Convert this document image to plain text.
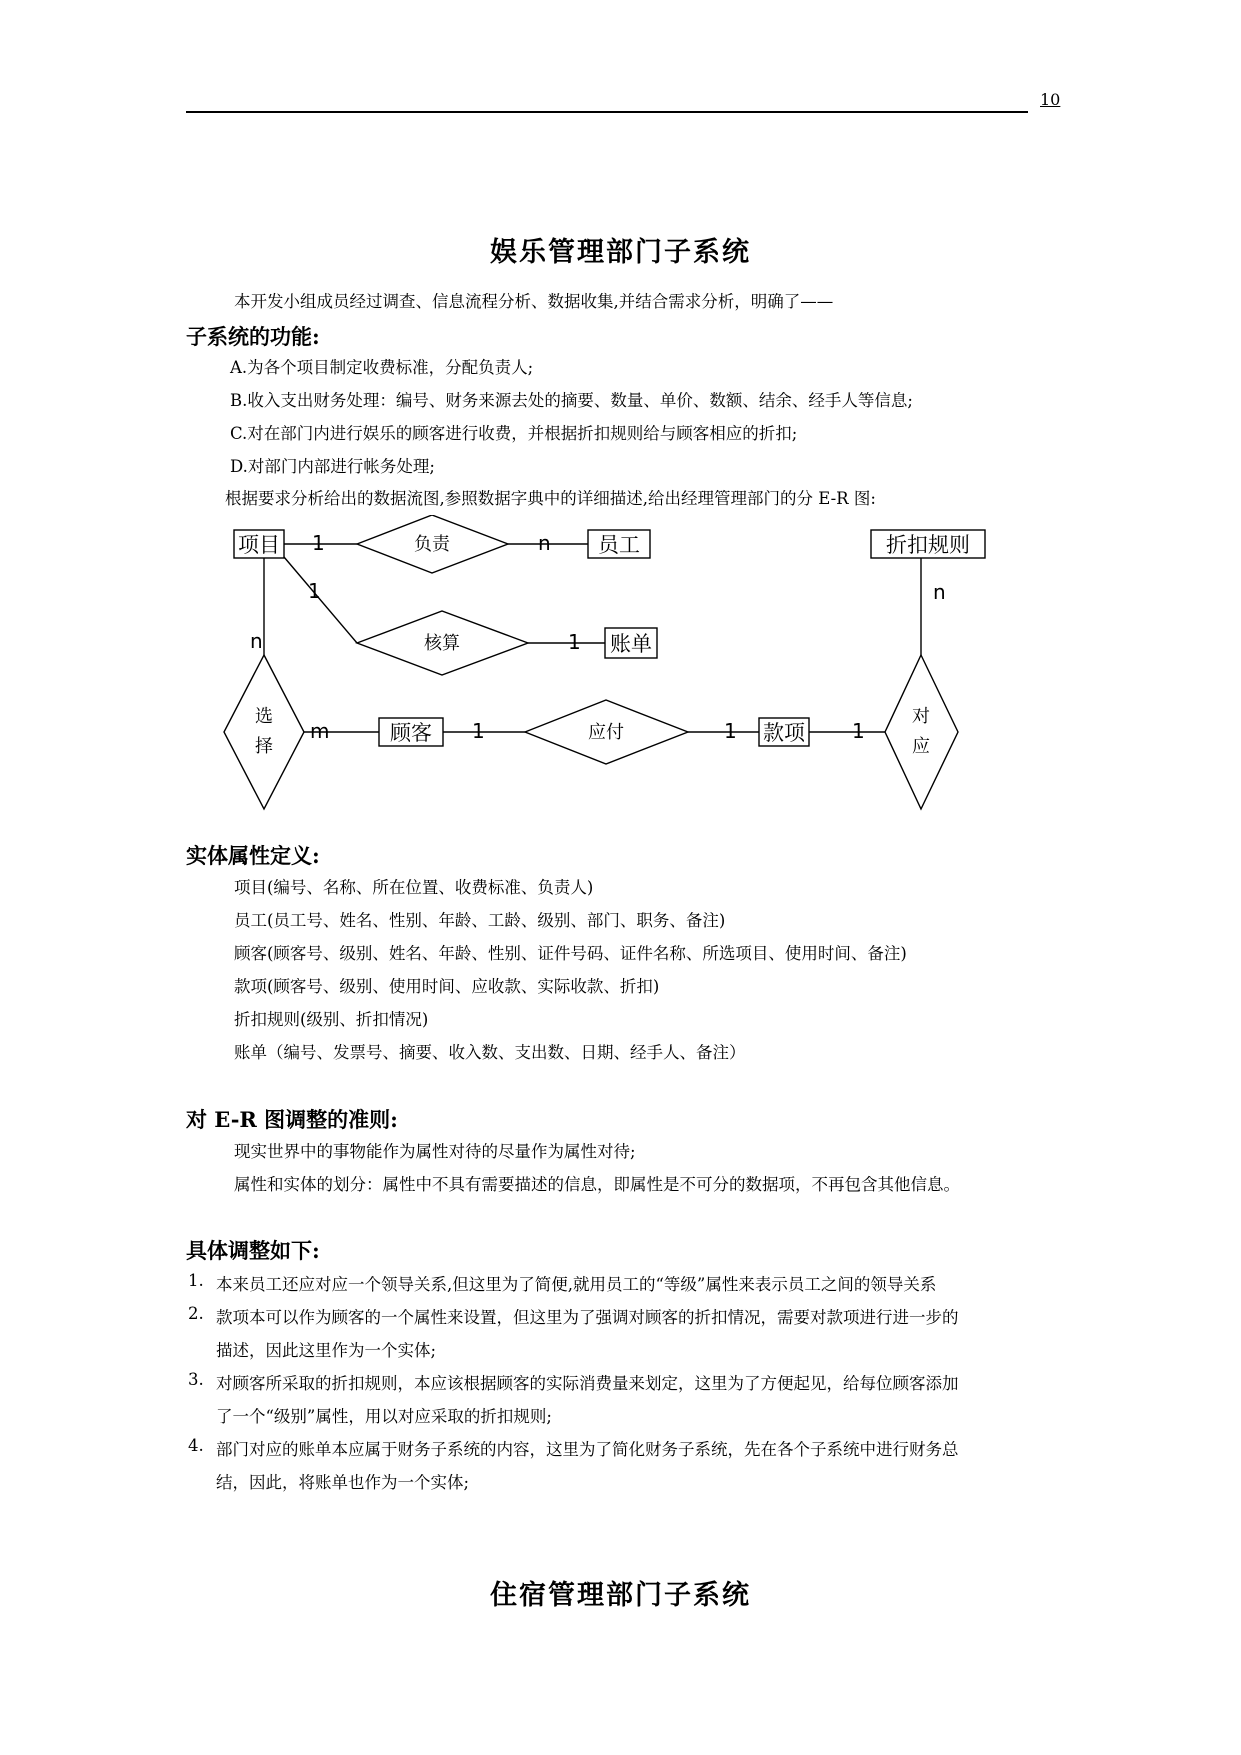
10
娱乐管理部门子系统
本开发小组成员经过调查、信息流程分析、数据收集,并结合需求分析，明确了——
子系统的功能:
A.为各个项目制定收费标准，分配负责人;
B.收入支出财务处理：编号、财务来源去处的摘要、数量、单价、数额、结余、经手人等信息;
C.对在部门内进行娱乐的顾客进行收费，并根据折扣规则给与顾客相应的折扣;
D.对部门内部进行帐务处理;
根据要求分析给出的数据流图,参照数据字典中的详细描述,给出经理管理部门的分 E-R 图:
项目	员工	折扣规则
账单
顾客	款项
负责
核算
应付
选
择
对
应
1	n
1
1
n
m	1	1	1
n
实体属性定义:
项目(编号、名称、所在位置、收费标准、负责人)
员工(员工号、姓名、性别、年龄、工龄、级别、部门、职务、备注)
顾客(顾客号、级别、姓名、年龄、性别、证件号码、证件名称、所选项目、使用时间、备注)
款项(顾客号、级别、使用时间、应收款、实际收款、折扣)
折扣规则(级别、折扣情况)
账单（编号、发票号、摘要、收入数、支出数、日期、经手人、备注）
对 E-R 图调整的准则:
现实世界中的事物能作为属性对待的尽量作为属性对待;
属性和实体的划分：属性中不具有需要描述的信息，即属性是不可分的数据项，不再包含其他信息。
具体调整如下:
1. 本来员工还应对应一个领导关系,但这里为了简便,就用员工的“等级”属性来表示员工之间的领导关系
2. 款项本可以作为顾客的一个属性来设置，但这里为了强调对顾客的折扣情况，需要对款项进行进一步的
描述，因此这里作为一个实体;
3. 对顾客所采取的折扣规则，本应该根据顾客的实际消费量来划定，这里为了方便起见，给每位顾客添加
了一个“级别”属性，用以对应采取的折扣规则;
4. 部门对应的账单本应属于财务子系统的内容，这里为了简化财务子系统，先在各个子系统中进行财务总
结，因此，将账单也作为一个实体;
住宿管理部门子系统
